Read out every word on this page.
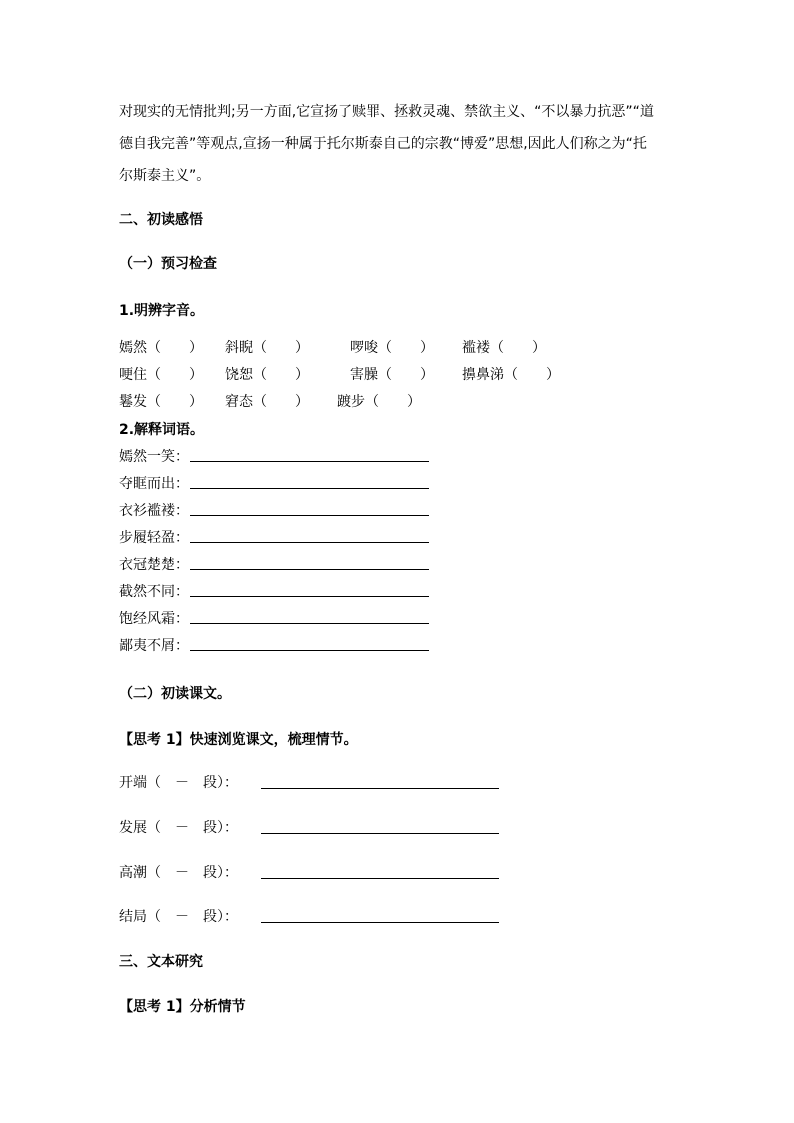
对现实的无情批判;另一方面,它宣扬了赎罪、拯救灵魂、禁欲主义、“不以暴力抗恶”“道
德自我完善”等观点,宣扬一种属于托尔斯泰自己的宗教“博爱”思想,因此人们称之为“托
尔斯泰主义”。
二、初读感悟
（一）预习检查
1.明辨字音。
嫣然（　　） 斜睨（　　）	啰唆（　　） 褴褛（　　）
哽住（　　） 饶恕（　　）	害臊（　　） 擤鼻涕（　　）
鬈发（　　） 窘态（　　） 踱步（　　）
2.解释词语。
嫣然一笑：
夺眶而出：
衣衫褴褛：
步履轻盈：
衣冠楚楚：
截然不同：
饱经风霜：
鄙夷不屑：
（二）初读课文。
【思考 1】快速浏览课文，梳理情节。
开端 （　－　段）：
发展 （　－　段）：
高潮 （　－　段）：
结局 （　－　段）：
三、文本研究
【思考 1】分析情节
